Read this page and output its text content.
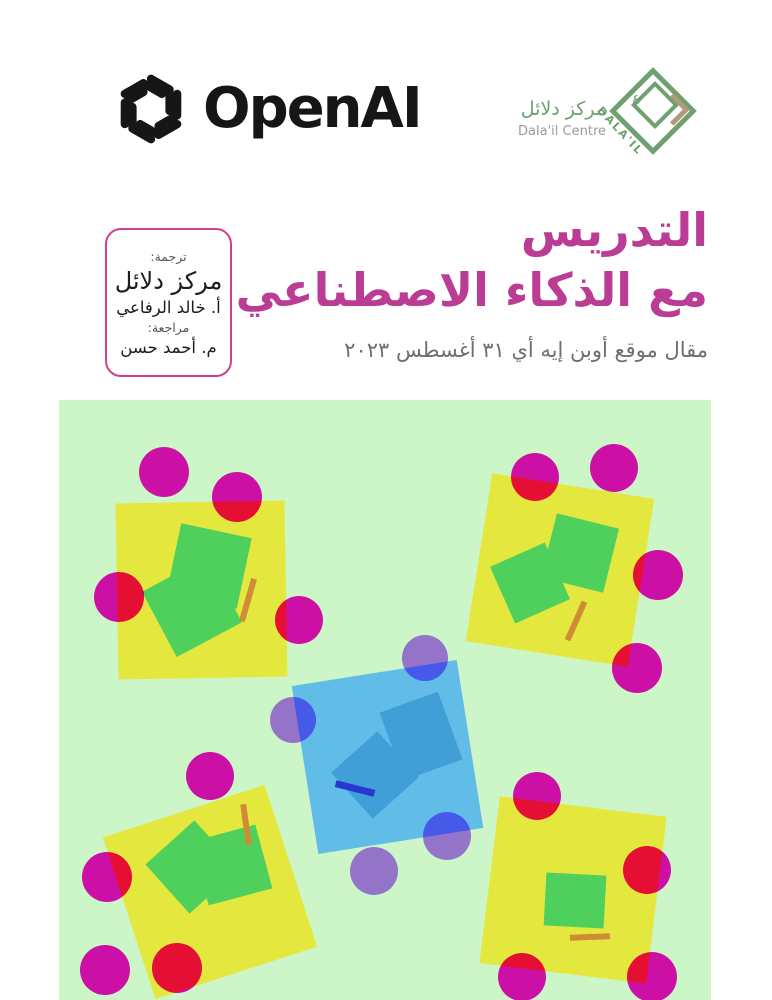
OpenAI	مركز دلائل
Dala'il Centre
٤
DALA'IL
ترجمة:
مركز دلائل
أ. خالد الرفاعي
مراجعة:
م. أحمد حسن
التدريس
مع الذكاء الاصطناعي
مقال موقع أوبن إيه أي ٣١ أغسطس ٢٠٢٣
